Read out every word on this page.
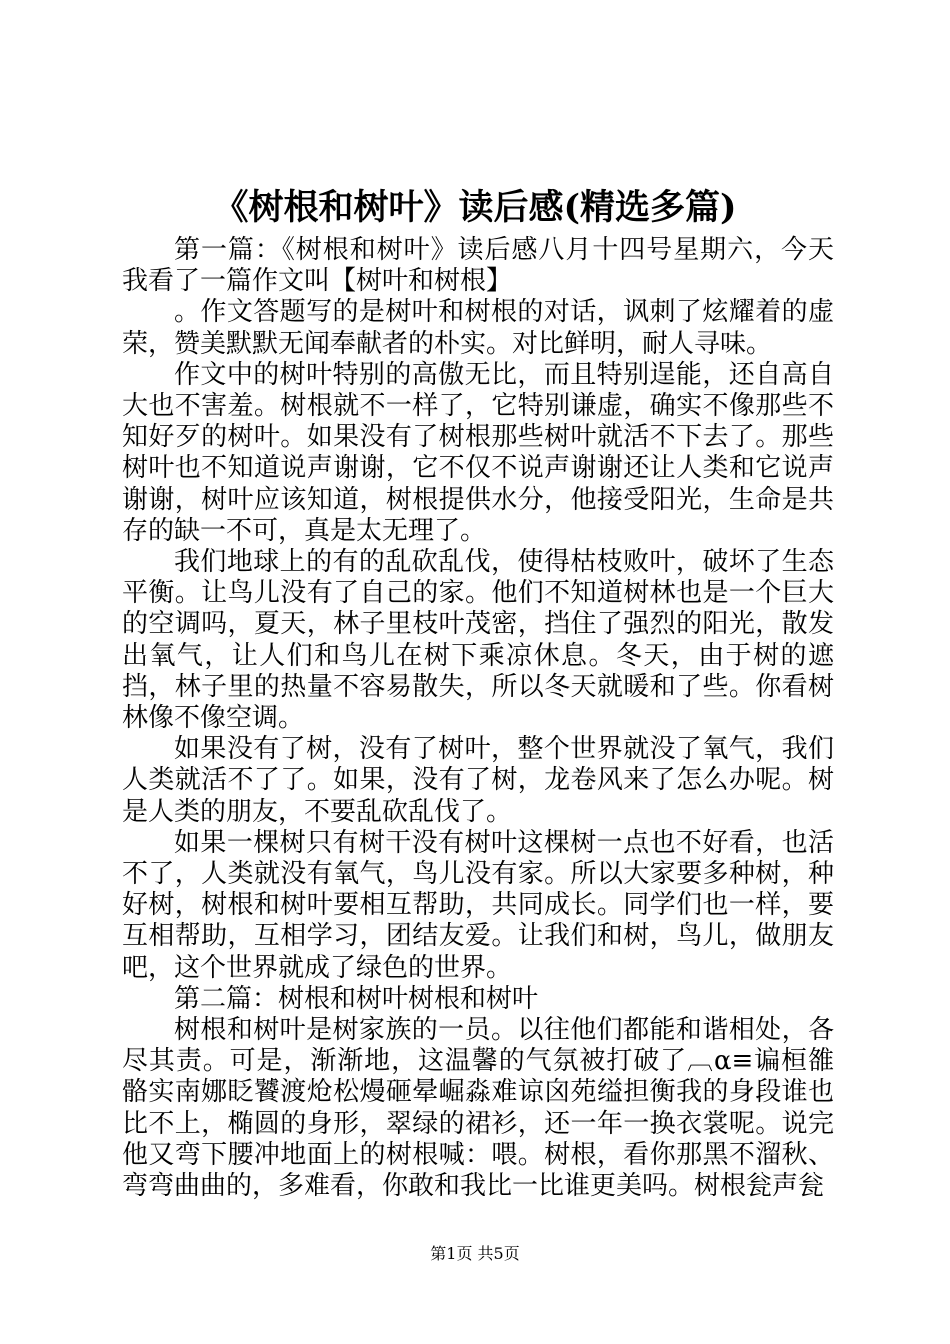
《树根和树叶》读后感(精选多篇)

第一篇：《树根和树叶》读后感八月十四号星期六，今天我看了一篇作文叫【树叶和树根】

。作文答题写的是树叶和树根的对话，讽刺了炫耀着的虚荣，赞美默默无闻奉献者的朴实。对比鲜明，耐人寻味。

作文中的树叶特别的高傲无比，而且特别逞能，还自高自大也不害羞。树根就不一样了，它特别谦虚，确实不像那些不知好歹的树叶。如果没有了树根那些树叶就活不下去了。那些树叶也不知道说声谢谢，它不仅不说声谢谢还让人类和它说声谢谢，树叶应该知道，树根提供水分，他接受阳光，生命是共存的缺一不可，真是太无理了。

我们地球上的有的乱砍乱伐，使得枯枝败叶，破坏了生态平衡。让鸟儿没有了自己的家。他们不知道树林也是一个巨大的空调吗，夏天，林子里枝叶茂密，挡住了强烈的阳光，散发出氧气，让人们和鸟儿在树下乘凉休息。冬天，由于树的遮挡，林子里的热量不容易散失，所以冬天就暖和了些。你看树林像不像空调。

如果没有了树，没有了树叶，整个世界就没了氧气，我们人类就活不了了。如果，没有了树，龙卷风来了怎么办呢。树是人类的朋友，不要乱砍乱伐了。

如果一棵树只有树干没有树叶这棵树一点也不好看，也活不了，人类就没有氧气，鸟儿没有家。所以大家要多种树，种好树，树根和树叶要相互帮助，共同成长。同学们也一样，要互相帮助，互相学习，团结友爱。让我们和树，鸟儿，做朋友吧，这个世界就成了绿色的世界。

第二篇：树根和树叶树根和树叶

树根和树叶是树家族的一员。以往他们都能和谐相处，各尽其责。可是，渐渐地，这温馨的气氛被打破了︹α≡谝桓雒骼实南娜眨饕渡炝松熳砸晕崛淼难谅囟苑缢担衡我的身段谁也比不上，椭圆的身形，翠绿的裙衫，还一年一换衣裳呢。说完他又弯下腰冲地面上的树根喊：喂。树根，看你那黑不溜秋、弯弯曲曲的，多难看，你敢和我比一比谁更美吗。树根瓮声瓮

第1页 共5页
